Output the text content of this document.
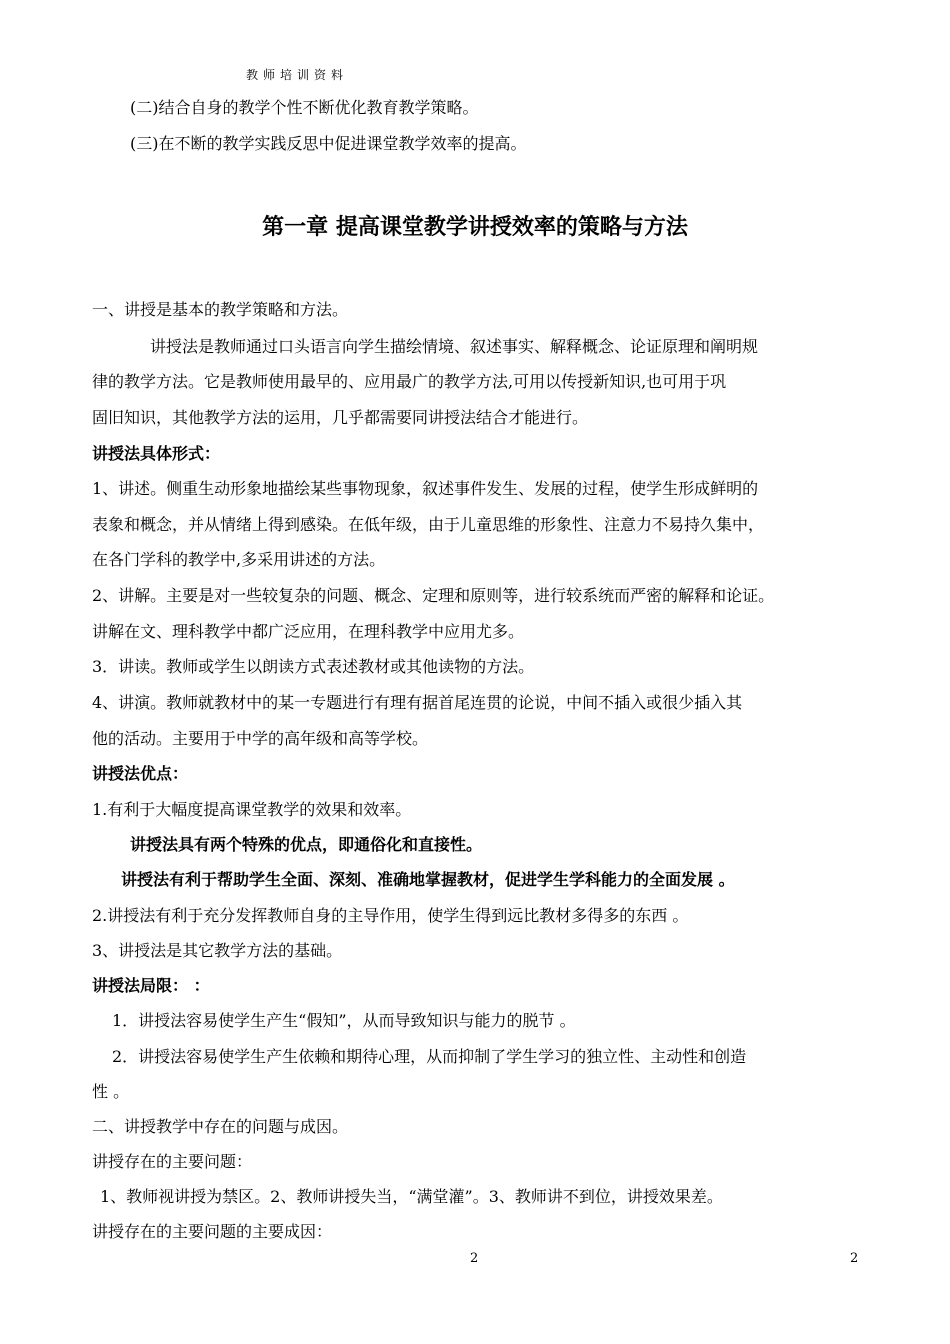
教师培训资料
(二)结合自身的教学个性不断优化教育教学策略。
(三)在不断的教学实践反思中促进课堂教学效率的提高。
第一章 提高课堂教学讲授效率的策略与方法
一、讲授是基本的教学策略和方法。
讲授法是教师通过口头语言向学生描绘情境、叙述事实、解释概念、论证原理和阐明规
律的教学方法。它是教师使用最早的、应用最广的教学方法,可用以传授新知识,也可用于巩
固旧知识，其他教学方法的运用，几乎都需要同讲授法结合才能进行。
讲授法具体形式：
1、讲述。侧重生动形象地描绘某些事物现象，叙述事件发生、发展的过程，使学生形成鲜明的
表象和概念，并从情绪上得到感染。在低年级，由于儿童思维的形象性、注意力不易持久集中，
在各门学科的教学中,多采用讲述的方法。
2、讲解。主要是对一些较复杂的问题、概念、定理和原则等，进行较系统而严密的解释和论证。
讲解在文、理科教学中都广泛应用，在理科教学中应用尤多。
3．讲读。教师或学生以朗读方式表述教材或其他读物的方法。
4、讲演。教师就教材中的某一专题进行有理有据首尾连贯的论说，中间不插入或很少插入其
他的活动。主要用于中学的高年级和高等学校。
讲授法优点：
1.有利于大幅度提高课堂教学的效果和效率。
讲授法具有两个特殊的优点，即通俗化和直接性。
讲授法有利于帮助学生全面、深刻、准确地掌握教材，促进学生学科能力的全面发展 。
2.讲授法有利于充分发挥教师自身的主导作用，使学生得到远比教材多得多的东西 。
3、讲授法是其它教学方法的基础。
讲授法局限： ：
1．讲授法容易使学生产生“假知”，从而导致知识与能力的脱节 。
2．讲授法容易使学生产生依赖和期待心理，从而抑制了学生学习的独立性、主动性和创造
性 。
二、讲授教学中存在的问题与成因。
讲授存在的主要问题：
1、教师视讲授为禁区。2、教师讲授失当，“满堂灌”。3、教师讲不到位，讲授效果差。
讲授存在的主要问题的主要成因：
2	2
